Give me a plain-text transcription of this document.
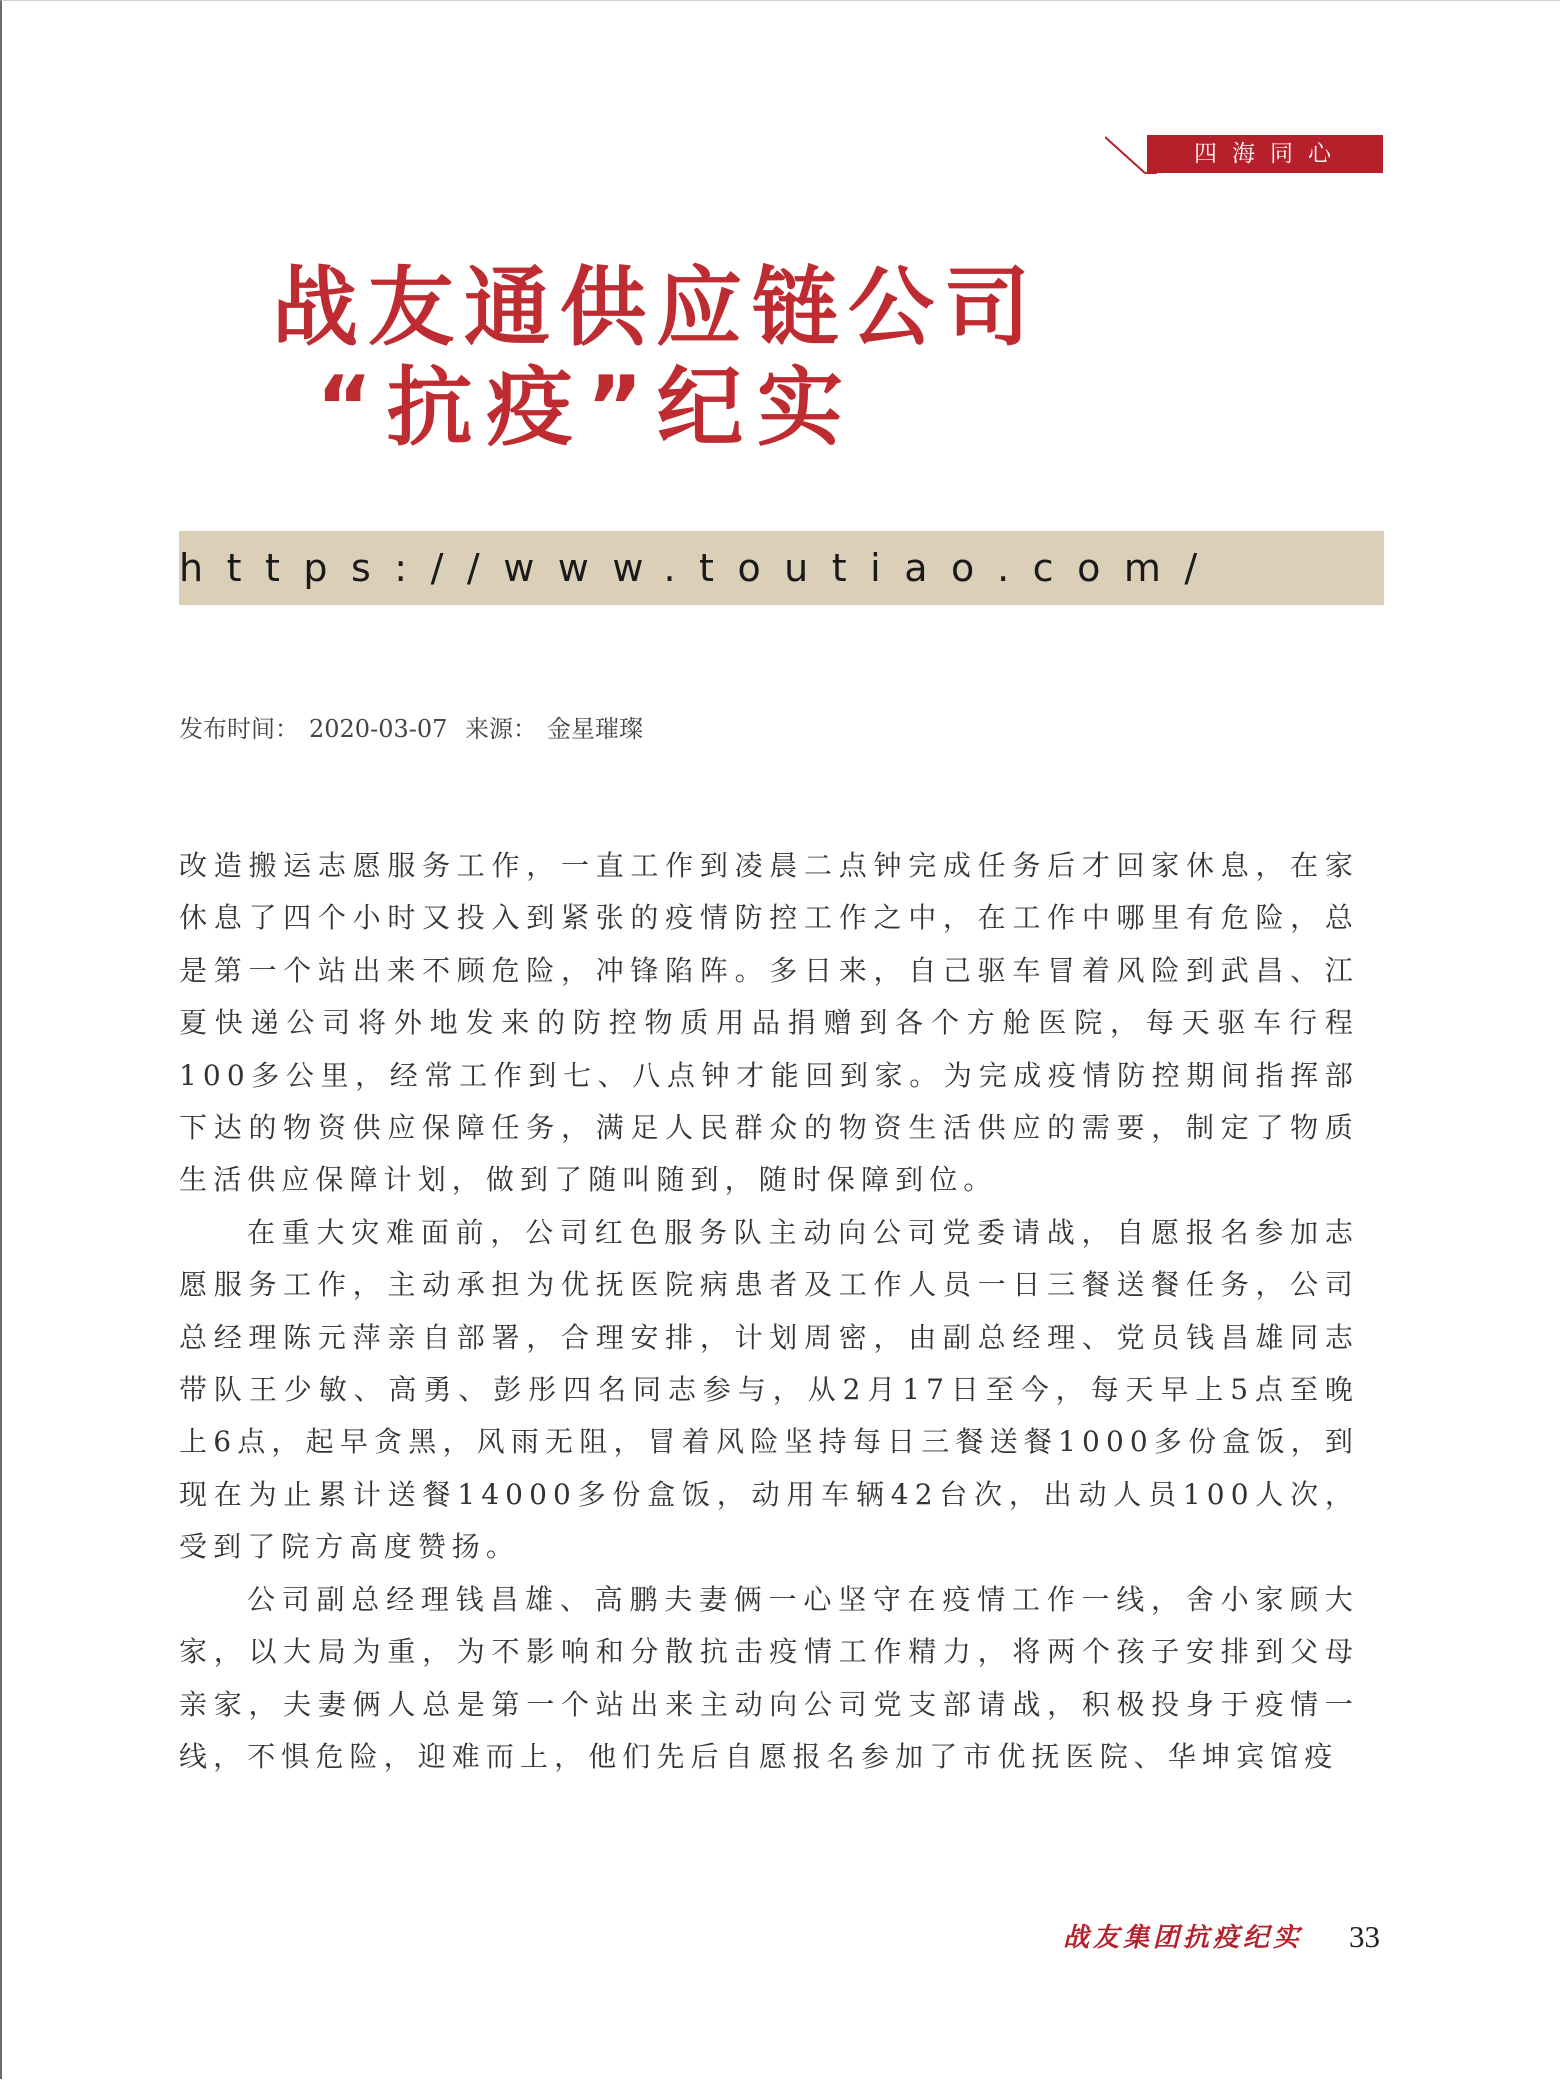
四海同心
战友通供应链公司
“抗疫”纪实
https://www.toutiao.com/
发布时间： 2020-03-07 来源： 金星璀璨

改造搬运志愿服务工作，一直工作到凌晨二点钟完成任务后才回家休息，在家休息了四个小时又投入到紧张的疫情防控工作之中，在工作中哪里有危险，总是第一个站出来不顾危险，冲锋陷阵。多日来，自己驱车冒着风险到武昌、江夏快递公司将外地发来的防控物质用品捐赠到各个方舱医院，每天驱车行程100多公里，经常工作到七、八点钟才能回到家。为完成疫情防控期间指挥部下达的物资供应保障任务，满足人民群众的物资生活供应的需要，制定了物质生活供应保障计划，做到了随叫随到，随时保障到位。

在重大灾难面前，公司红色服务队主动向公司党委请战，自愿报名参加志愿服务工作，主动承担为优抚医院病患者及工作人员一日三餐送餐任务，公司总经理陈元萍亲自部署，合理安排，计划周密，由副总经理、党员钱昌雄同志带队王少敏、高勇、彭彤四名同志参与，从2月17日至今，每天早上5点至晚上6点，起早贪黑，风雨无阻，冒着风险坚持每日三餐送餐1000多份盒饭，到现在为止累计送餐14000多份盒饭，动用车辆42台次，出动人员100人次，受到了院方高度赞扬。

公司副总经理钱昌雄、高鹏夫妻俩一心坚守在疫情工作一线，舍小家顾大家，以大局为重，为不影响和分散抗击疫情工作精力，将两个孩子安排到父母亲家，夫妻俩人总是第一个站出来主动向公司党支部请战，积极投身于疫情一线，不惧危险，迎难而上，他们先后自愿报名参加了市优抚医院、华坤宾馆疫

战友集团抗疫纪实 33
